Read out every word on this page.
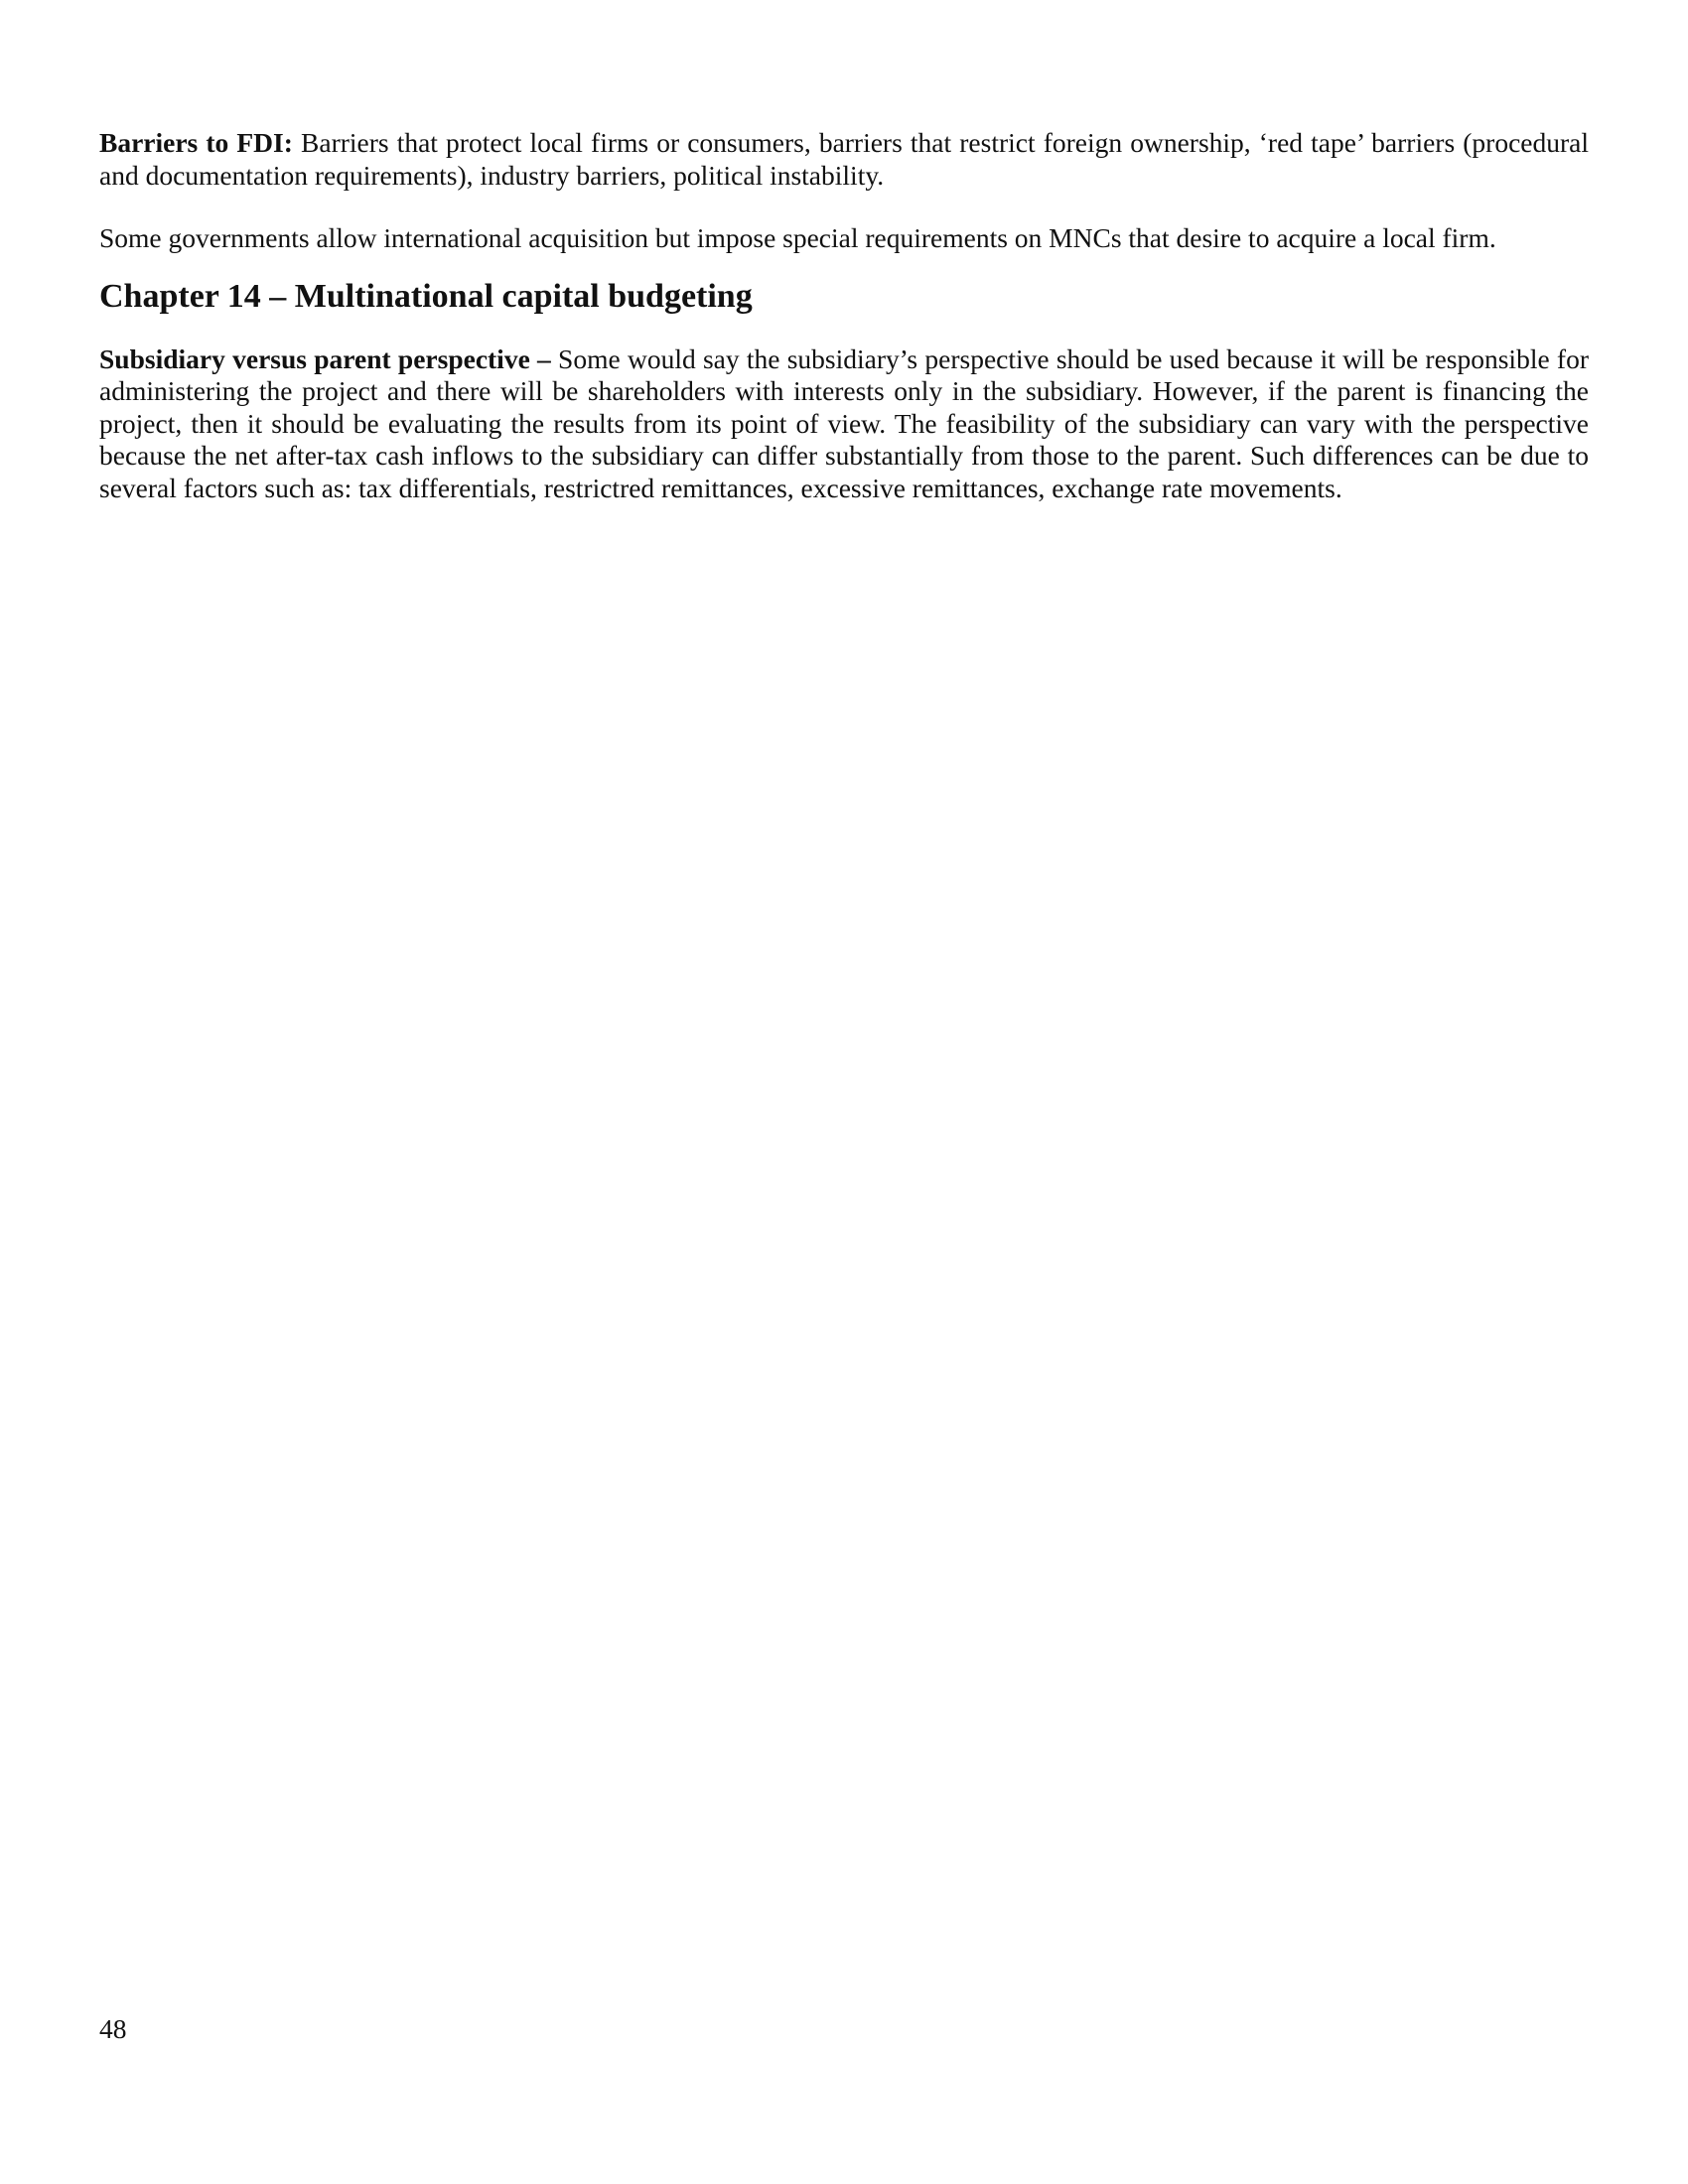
Barriers to FDI: Barriers that protect local firms or consumers, barriers that restrict foreign ownership, ‘red tape’ barriers (procedural and documentation requirements), industry barriers, political instability.

Some governments allow international acquisition but impose special requirements on MNCs that desire to acquire a local firm.

Chapter 14 – Multinational capital budgeting

Subsidiary versus parent perspective – Some would say the subsidiary’s perspective should be used because it will be responsible for administering the project and there will be shareholders with interests only in the subsidiary. However, if the parent is financing the project, then it should be evaluating the results from its point of view. The feasibility of the subsidiary can vary with the perspective because the net after-tax cash inflows to the subsidiary can differ substantially from those to the parent. Such differences can be due to several factors such as: tax differentials, restrictred remittances, excessive remittances, exchange rate movements.

48
